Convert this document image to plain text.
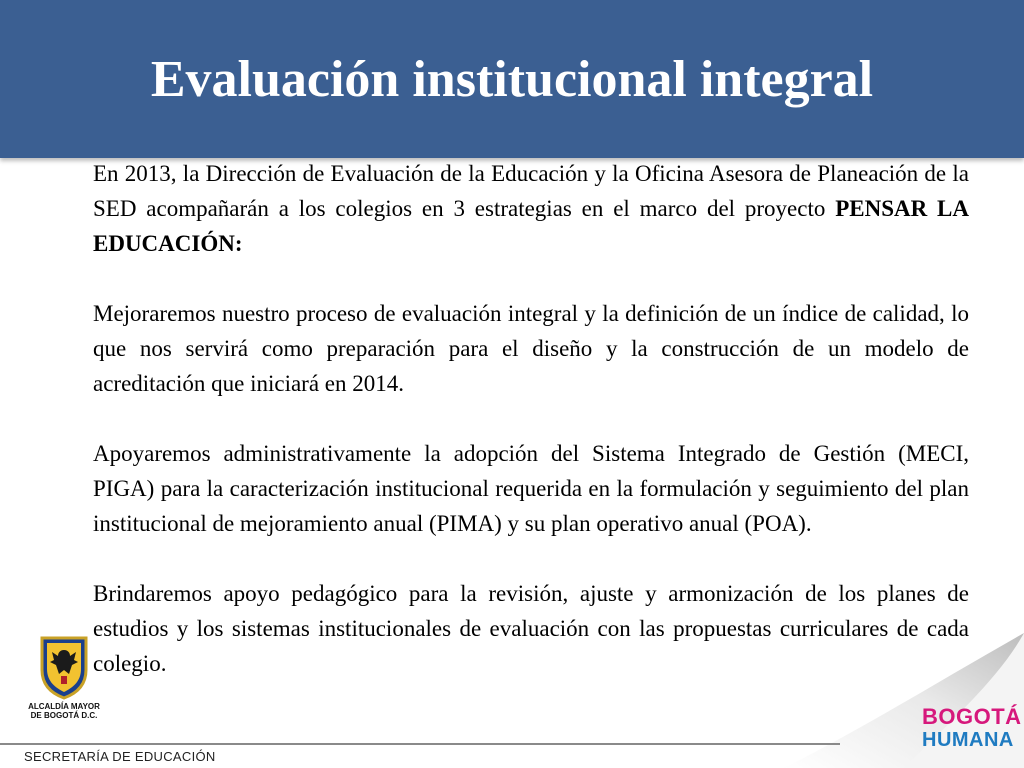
Evaluación institucional integral

En 2013, la Dirección de Evaluación de la Educación y la Oficina Asesora de Planeación de la SED acompañarán a los colegios en 3 estrategias en el marco del proyecto PENSAR LA EDUCACIÓN:

Mejoraremos nuestro proceso de evaluación integral y la definición de un índice de calidad, lo que nos servirá como preparación para el diseño y la construcción de un modelo de acreditación que iniciará en 2014.

Apoyaremos administrativamente la adopción del Sistema Integrado de Gestión (MECI, PIGA) para la caracterización institucional requerida en la formulación y seguimiento del plan institucional de mejoramiento anual (PIMA) y su plan operativo anual (POA).

Brindaremos apoyo pedagógico para la revisión, ajuste y armonización de los planes de estudios y los sistemas institucionales de evaluación con las propuestas curriculares de cada colegio.

ALCALDÍA MAYOR
DE BOGOTÁ D.C.
SECRETARÍA DE EDUCACIÓN
BOGOTÁ
HUMANA
